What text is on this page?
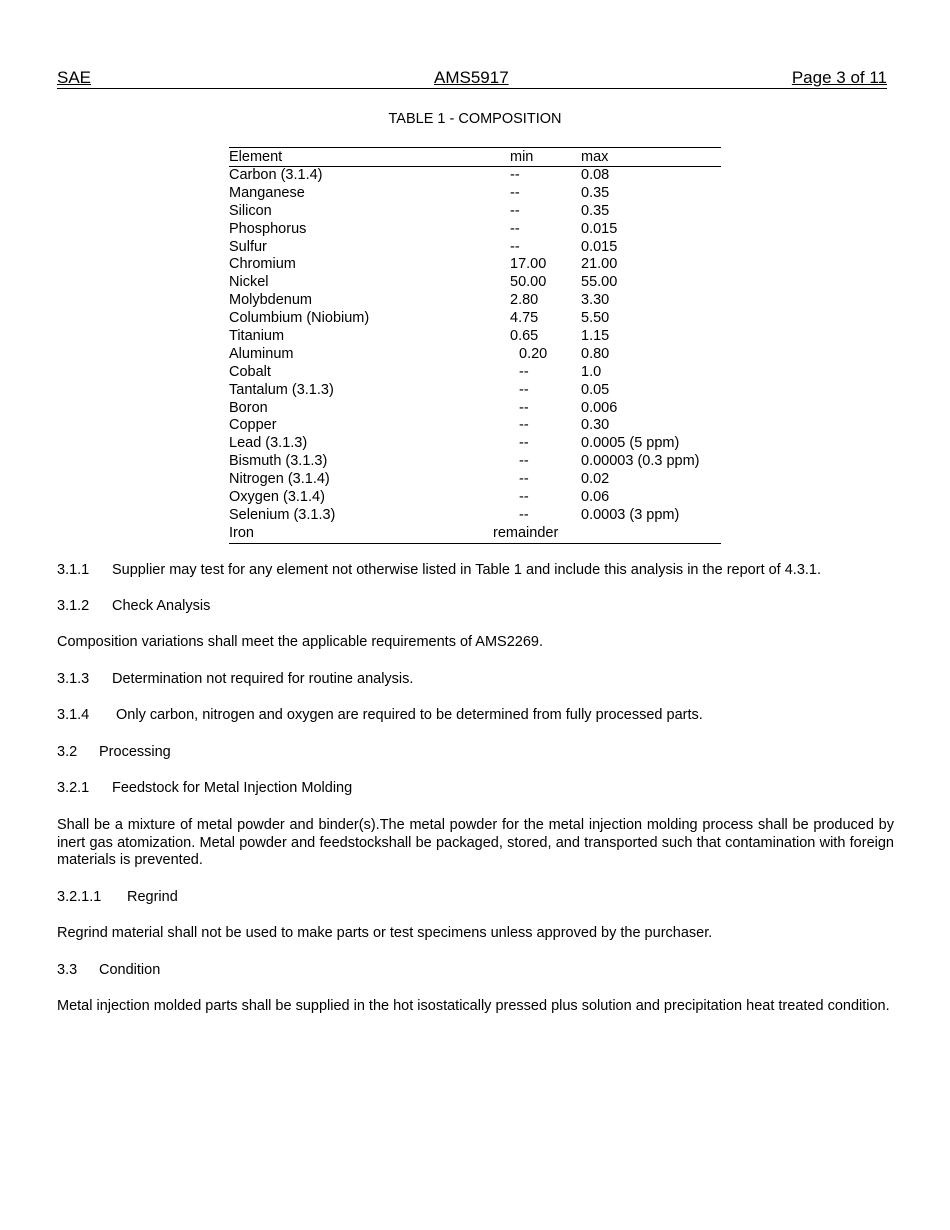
SAE	AMS5917	Page 3 of 11
TABLE 1 - COMPOSITION
Element	min	max
Carbon (3.1.4)	--	0.08
Manganese	--	0.35
Silicon	--	0.35
Phosphorus	--	0.015
Sulfur	--	0.015
Chromium	17.00 21.00
Nickel	50.00 55.00
Molybdenum	2.80	3.30
Columbium (Niobium)	4.75	5.50
Titanium	0.65	1.15
Aluminum	0.20 0.80
Cobalt	--	1.0
Tantalum (3.1.3)	--	0.05
Boron	--	0.006
Copper	--	0.30
Lead (3.1.3)	--	0.0005 (5 ppm)
Bismuth (3.1.3)	--	0.00003 (0.3 ppm)
Nitrogen (3.1.4)	--	0.02
Oxygen (3.1.4)	--	0.06
Selenium (3.1.3)	--	0.0003 (3 ppm)
Iron	remainder

3.1.1 Supplier may test for any element not otherwise listed in Table 1 and include this analysis in the report of 4.3.1.

3.1.2 Check Analysis

Composition variations shall meet the applicable requirements of AMS2269.

3.1.3 Determination not required for routine analysis.

3.1.4 Only carbon, nitrogen and oxygen are required to be determined from fully processed parts.

3.2 Processing

3.2.1 Feedstock for Metal Injection Molding

Shall be a mixture of metal powder and binder(s).The metal powder for the metal injection molding process shall be produced by inert gas atomization. Metal powder and feedstockshall be packaged, stored, and transported such that contamination with foreign materials is prevented.

3.2.1.1 Regrind

Regrind material shall not be used to make parts or test specimens unless approved by the purchaser.

3.3 Condition

Metal injection molded parts shall be supplied in the hot isostatically pressed plus solution and precipitation heat treated condition.
